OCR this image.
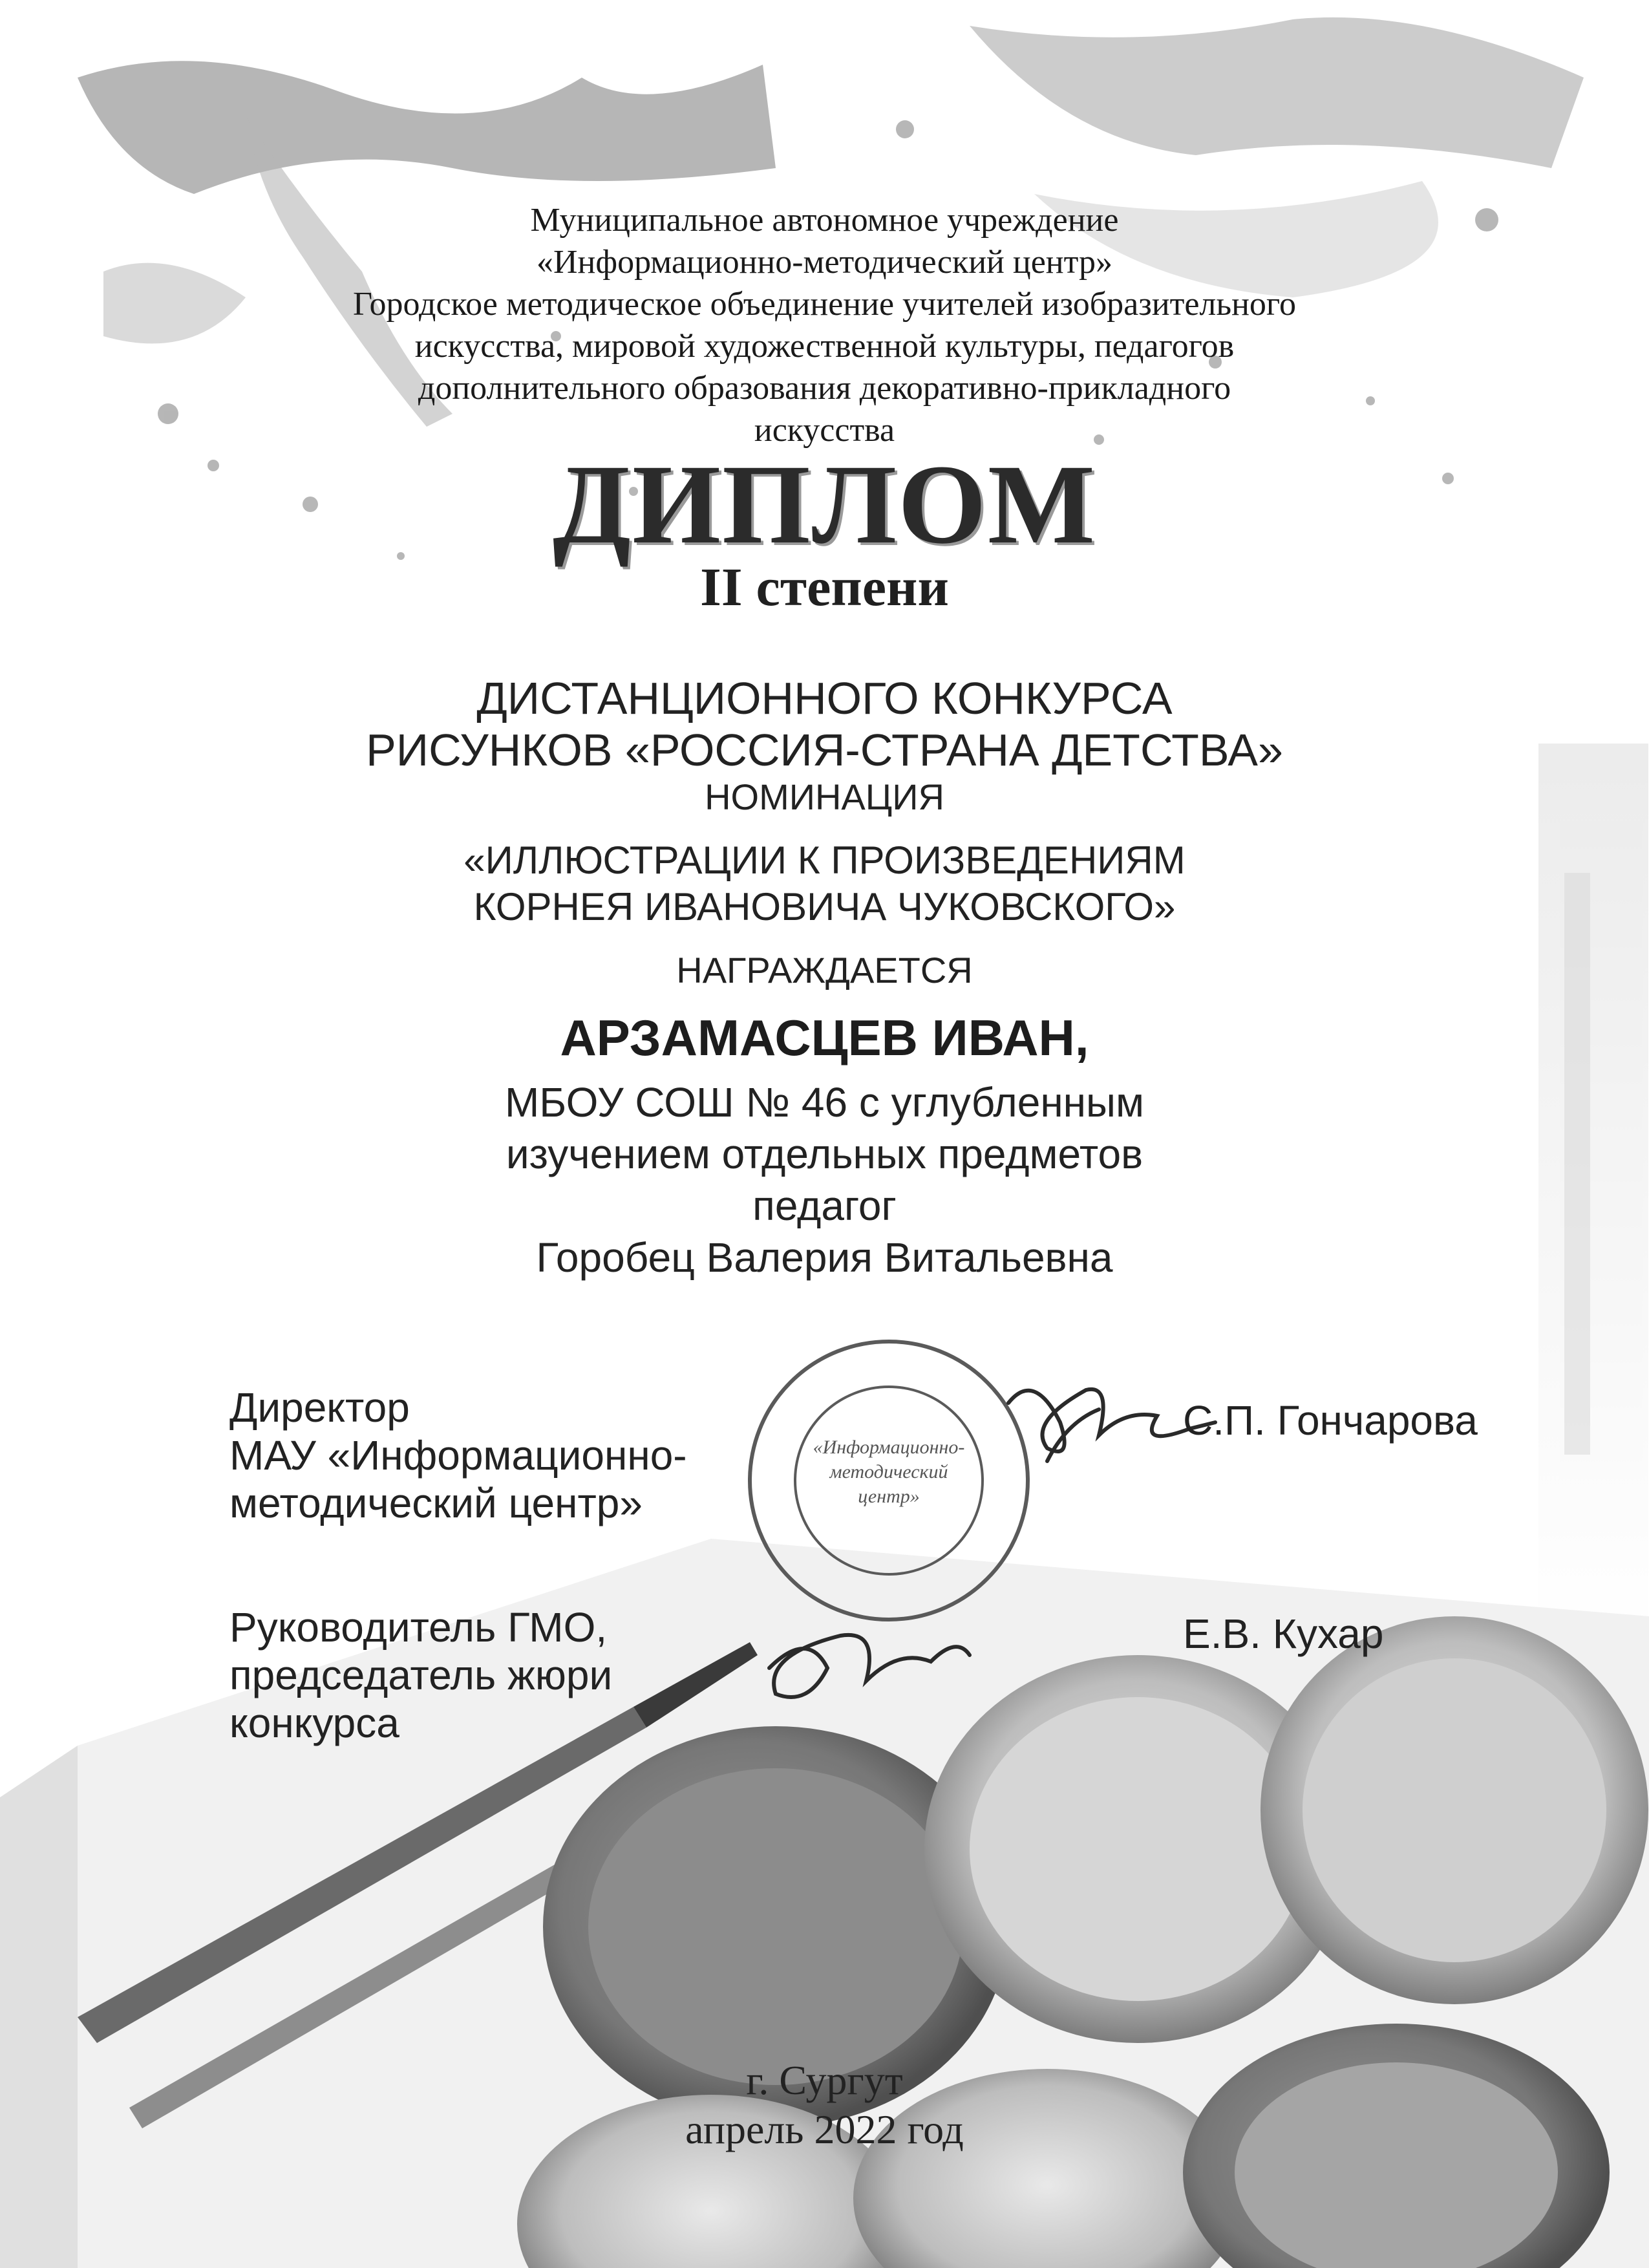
Муниципальное автономное учреждение
«Информационно-методический центр»
Городское методическое объединение учителей изобразительного
искусства, мировой художественной культуры, педагогов
дополнительного образования декоративно-прикладного
искусства
ДИПЛОМ
II степени
ДИСТАНЦИОННОГО КОНКУРСА
РИСУНКОВ «РОССИЯ-СТРАНА ДЕТСТВА»
НОМИНАЦИЯ
«ИЛЛЮСТРАЦИИ К ПРОИЗВЕДЕНИЯМ
КОРНЕЯ ИВАНОВИЧА ЧУКОВСКОГО»
НАГРАЖДАЕТСЯ
АРЗАМАСЦЕВ ИВАН,
МБОУ СОШ № 46 с углубленным
изучением отдельных предметов
педагог
Горобец Валерия Витальевна
Директор
МАУ «Информационно-
методический центр»
С.П. Гончарова
Руководитель ГМО,
председатель жюри
конкурса
Е.В. Кухар
«Информационно-
методический
центр»
г. Сургут
апрель 2022 год
